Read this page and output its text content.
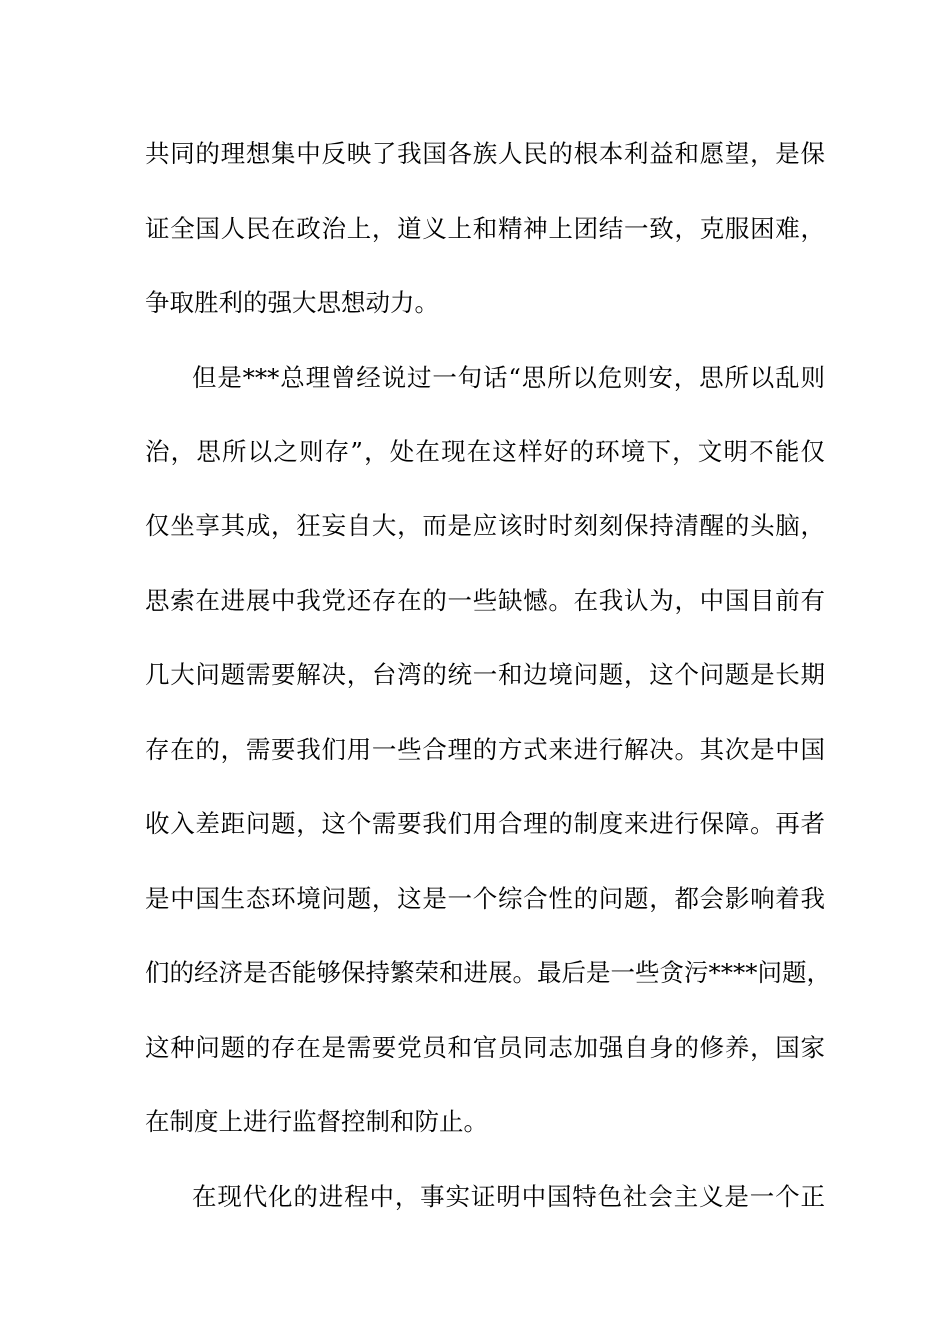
共同的理想集中反映了我国各族人民的根本利益和愿望，是保
证全国人民在政治上，道义上和精神上团结一致，克服困难，
争取胜利的强大思想动力。
但是***总理曾经说过一句话“思所以危则安，思所以乱则
治，思所以之则存”，处在现在这样好的环境下，文明不能仅
仅坐享其成，狂妄自大，而是应该时时刻刻保持清醒的头脑，
思索在进展中我党还存在的一些缺憾。在我认为，中国目前有
几大问题需要解决，台湾的统一和边境问题，这个问题是长期
存在的，需要我们用一些合理的方式来进行解决。其次是中国
收入差距问题，这个需要我们用合理的制度来进行保障。再者
是中国生态环境问题，这是一个综合性的问题，都会影响着我
们的经济是否能够保持繁荣和进展。最后是一些贪污****问题，
这种问题的存在是需要党员和官员同志加强自身的修养，国家
在制度上进行监督控制和防止。
在现代化的进程中，事实证明中国特色社会主义是一个正
